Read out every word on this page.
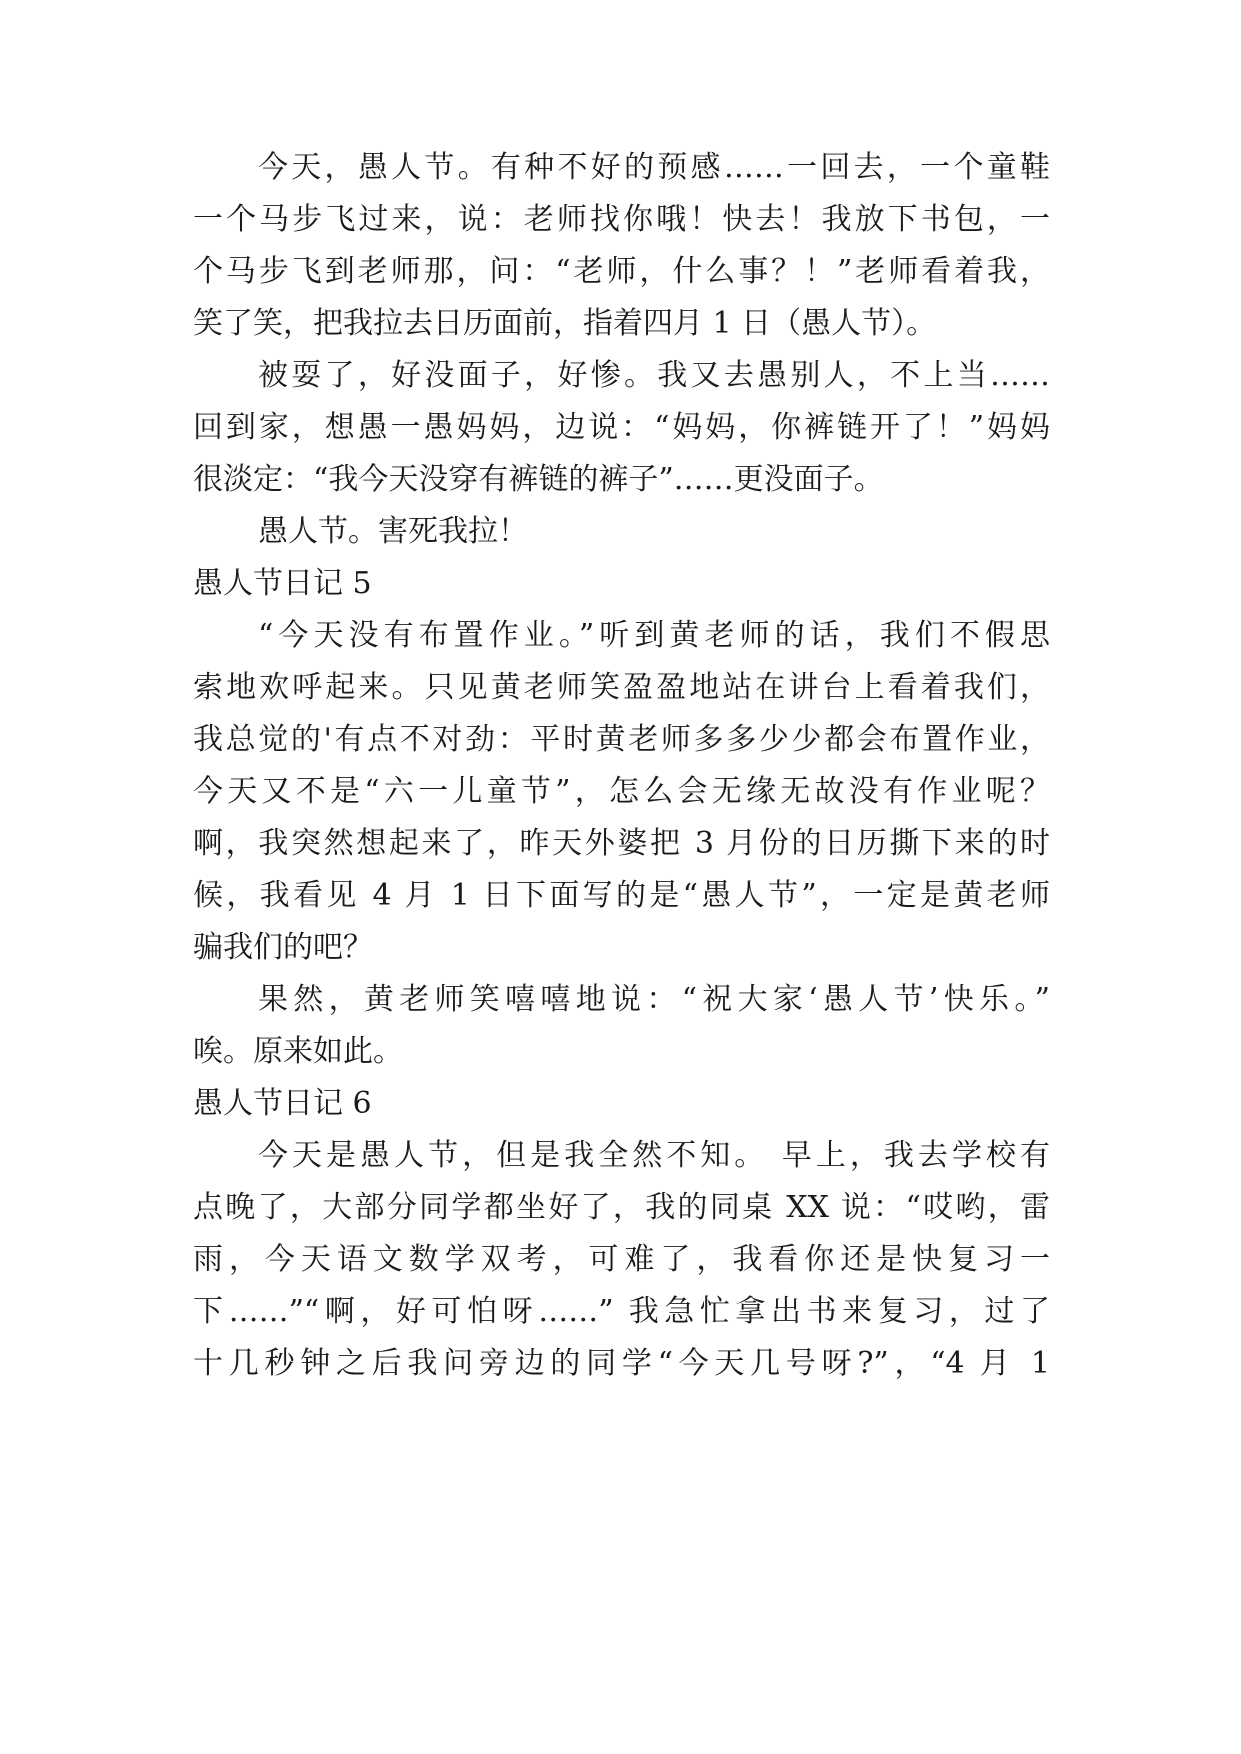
今天，愚人节。有种不好的预感……一回去，一个童鞋
一个马步飞过来，说：老师找你哦！快去！我放下书包，一
个马步飞到老师那，问：“老师，什么事？！”老师看着我，
笑了笑，把我拉去日历面前，指着四月 1 日（愚人节）。
被耍了，好没面子，好惨。我又去愚别人，不上当……
回到家，想愚一愚妈妈，边说：“妈妈，你裤链开了！”妈妈
很淡定：“我今天没穿有裤链的裤子”……更没面子。
愚人节。害死我拉！
愚人节日记 5
“今天没有布置作业。”听到黄老师的话，我们不假思
索地欢呼起来。只见黄老师笑盈盈地站在讲台上看着我们，
我总觉的'有点不对劲：平时黄老师多多少少都会布置作业，
今天又不是“六一儿童节”，怎么会无缘无故没有作业呢？
啊，我突然想起来了，昨天外婆把 3 月份的日历撕下来的时
候，我看见 4 月 1 日下面写的是“愚人节”，一定是黄老师
骗我们的吧？
果然，黄老师笑嘻嘻地说：“祝大家‘愚人节’快乐。”
唉。原来如此。
愚人节日记 6
今天是愚人节，但是我全然不知。 早上，我去学校有
点晚了，大部分同学都坐好了，我的同桌 XX 说：“哎哟，雷
雨，今天语文数学双考，可难了，我看你还是快复习一
下……”“啊，好可怕呀……” 我急忙拿出书来复习，过了
十几秒钟之后我问旁边的同学“今天几号呀?”，“4 月 1
